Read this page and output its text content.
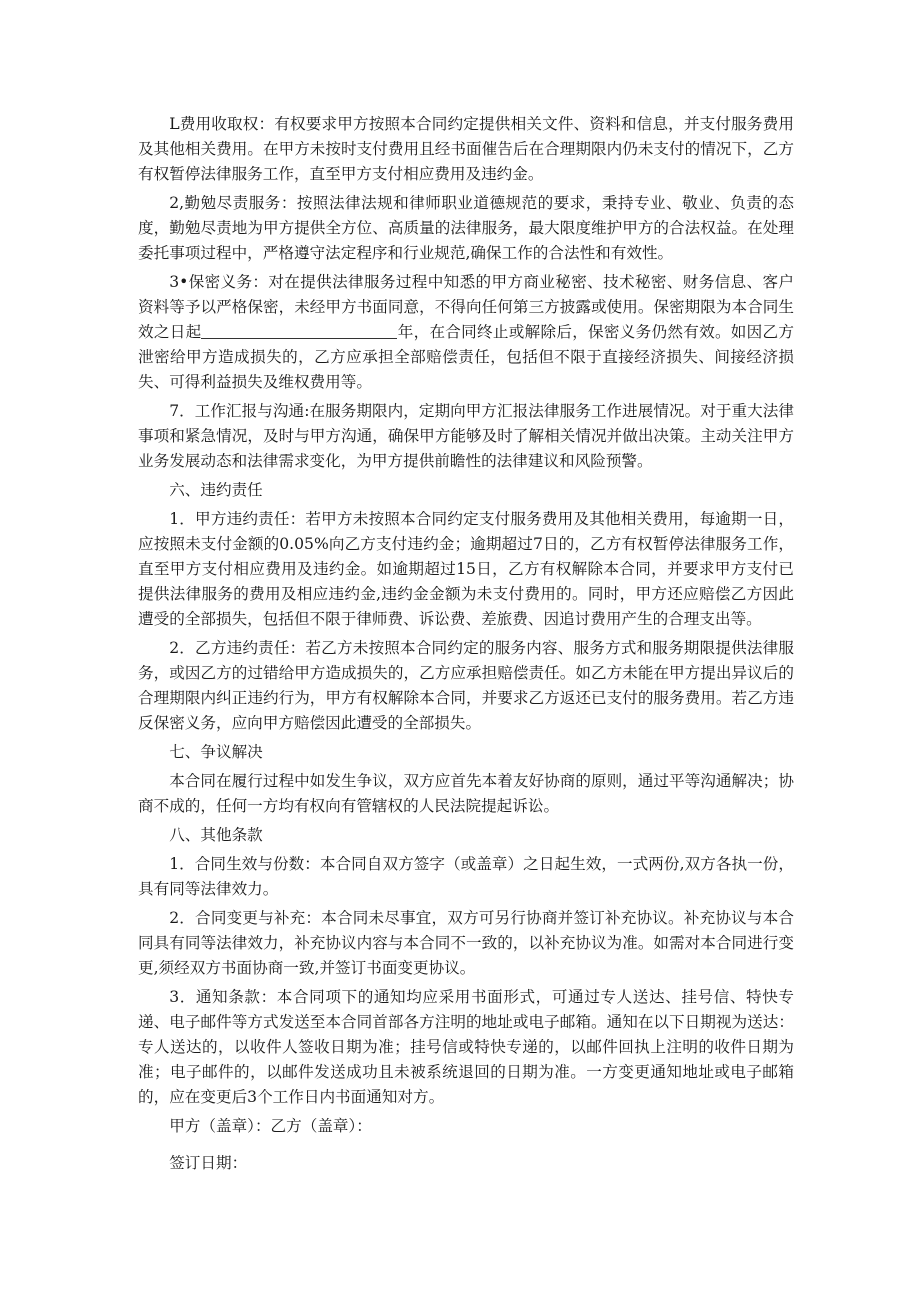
L费用收取权：有权要求甲方按照本合同约定提供相关文件、资料和信息，并支付服务费用及其他相关费用。在甲方未按时支付费用且经书面催告后在合理期限内仍未支付的情况下，乙方有权暂停法律服务工作，直至甲方支付相应费用及违约金。

2,勤勉尽责服务：按照法律法规和律师职业道德规范的要求，秉持专业、敬业、负责的态度，勤勉尽责地为甲方提供全方位、高质量的法律服务，最大限度维护甲方的合法权益。在处理委托事项过程中，严格遵守法定程序和行业规范,确保工作的合法性和有效性。

3•保密义务：对在提供法律服务过程中知悉的甲方商业秘密、技术秘密、财务信息、客户资料等予以严格保密，未经甲方书面同意，不得向任何第三方披露或使用。保密期限为本合同生效之日起	年，在合同终止或解除后，保密义务仍然有效。如因乙方泄密给甲方造成损失的，乙方应承担全部赔偿责任，包括但不限于直接经济损失、间接经济损失、可得利益损失及维权费用等。

7．工作汇报与沟通:在服务期限内，定期向甲方汇报法律服务工作进展情况。对于重大法律事项和紧急情况，及时与甲方沟通，确保甲方能够及时了解相关情况并做出决策。主动关注甲方业务发展动态和法律需求变化，为甲方提供前瞻性的法律建议和风险预警。

六、违约责任

1．甲方违约责任：若甲方未按照本合同约定支付服务费用及其他相关费用，每逾期一日，应按照未支付金额的0.05%向乙方支付违约金；逾期超过7日的，乙方有权暂停法律服务工作，直至甲方支付相应费用及违约金。如逾期超过15日，乙方有权解除本合同，并要求甲方支付已提供法律服务的费用及相应违约金,违约金金额为未支付费用的。同时，甲方还应赔偿乙方因此遭受的全部损失，包括但不限于律师费、诉讼费、差旅费、因追讨费用产生的合理支出等。

2．乙方违约责任：若乙方未按照本合同约定的服务内容、服务方式和服务期限提供法律服务，或因乙方的过错给甲方造成损失的，乙方应承担赔偿责任。如乙方未能在甲方提出异议后的合理期限内纠正违约行为，甲方有权解除本合同，并要求乙方返还已支付的服务费用。若乙方违反保密义务，应向甲方赔偿因此遭受的全部损失。

七、争议解决

本合同在履行过程中如发生争议，双方应首先本着友好协商的原则，通过平等沟通解决；协商不成的，任何一方均有权向有管辖权的人民法院提起诉讼。

八、其他条款

1．合同生效与份数：本合同自双方签字（或盖章）之日起生效，一式两份,双方各执一份，具有同等法律效力。

2．合同变更与补充：本合同未尽事宜，双方可另行协商并签订补充协议。补充协议与本合同具有同等法律效力，补充协议内容与本合同不一致的，以补充协议为准。如需对本合同进行变更,须经双方书面协商一致,并签订书面变更协议。

3．通知条款：本合同项下的通知均应采用书面形式，可通过专人送达、挂号信、特快专递、电子邮件等方式发送至本合同首部各方注明的地址或电子邮箱。通知在以下日期视为送达：专人送达的，以收件人签收日期为准；挂号信或特快专递的，以邮件回执上注明的收件日期为准；电子邮件的，以邮件发送成功且未被系统退回的日期为准。一方变更通知地址或电子邮箱的，应在变更后3个工作日内书面通知对方。

甲方（盖章）：乙方（盖章）：

签订日期：
